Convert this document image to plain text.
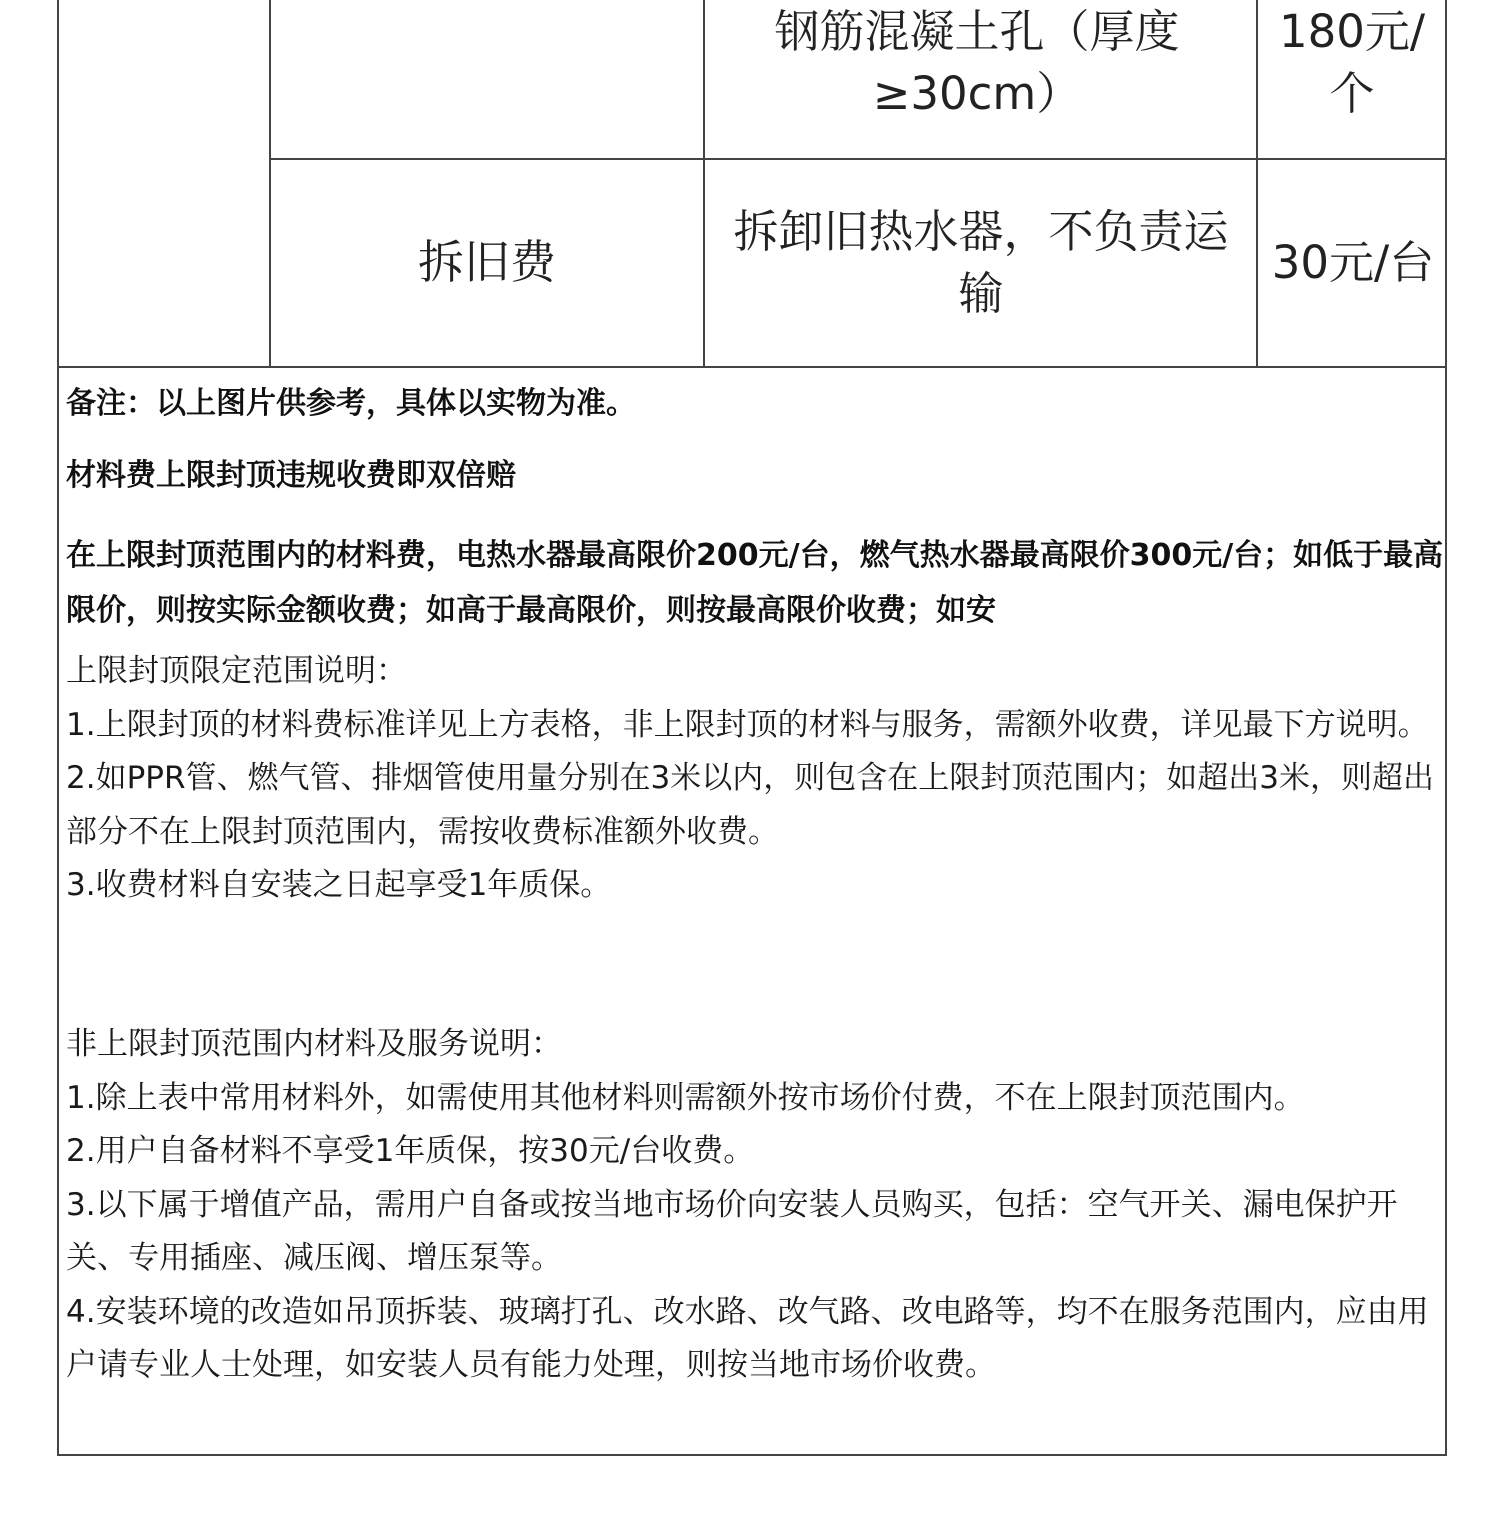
钢筋混凝土孔（厚度≥30cm）
180元/个
拆旧费
拆卸旧热水器，不负责运输
30元/台
备注：以上图片供参考，具体以实物为准。
材料费上限封顶违规收费即双倍赔
在上限封顶范围内的材料费，电热水器最高限价200元/台，燃气热水器最高限价300元/台；如低于最高限价，则按实际金额收费；如高于最高限价，则按最高限价收费；如安
上限封顶限定范围说明：
1.上限封顶的材料费标准详见上方表格，非上限封顶的材料与服务，需额外收费，详见最下方说明。
2.如PPR管、燃气管、排烟管使用量分别在3米以内，则包含在上限封顶范围内；如超出3米，则超出部分不在上限封顶范围内，需按收费标准额外收费。
3.收费材料自安装之日起享受1年质保。
非上限封顶范围内材料及服务说明：
1.除上表中常用材料外，如需使用其他材料则需额外按市场价付费，不在上限封顶范围内。
2.用户自备材料不享受1年质保，按30元/台收费。
3.以下属于增值产品，需用户自备或按当地市场价向安装人员购买，包括：空气开关、漏电保护开关、专用插座、减压阀、增压泵等。
4.安装环境的改造如吊顶拆装、玻璃打孔、改水路、改气路、改电路等，均不在服务范围内，应由用户请专业人士处理，如安装人员有能力处理，则按当地市场价收费。
